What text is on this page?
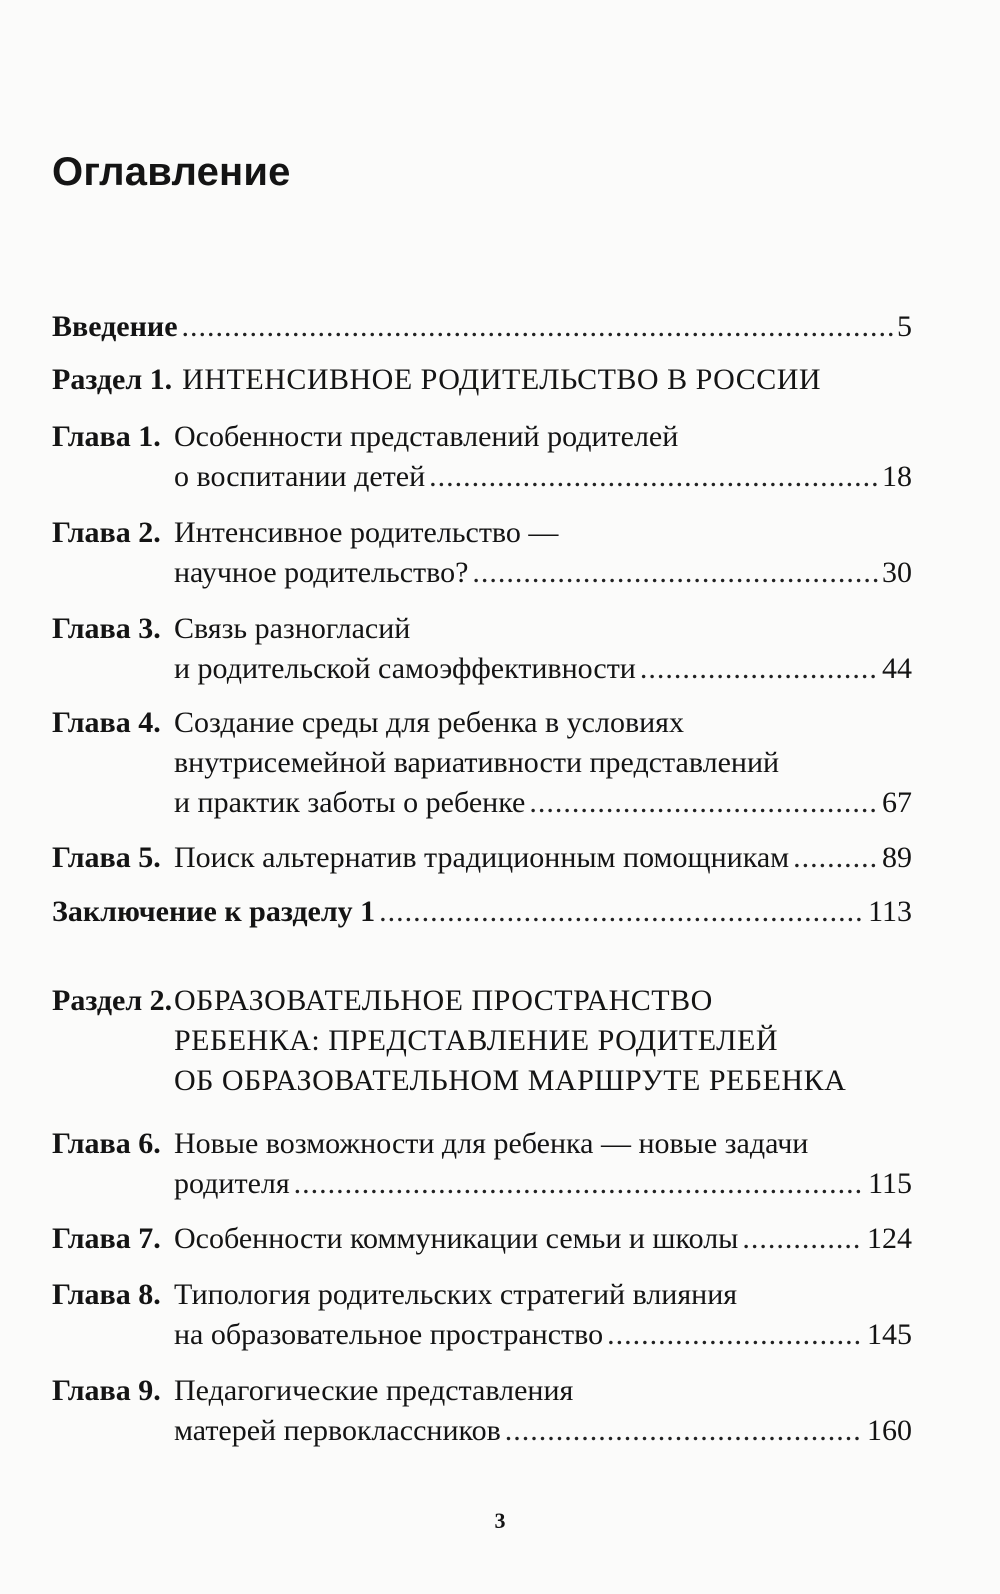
Оглавление
Введение .....	5
Раздел 1. ИНТЕНСИВНОЕ РОДИТЕЛЬСТВО В РОССИИ
Глава 1. Особенности представлений родителей
о воспитании детей .....	18
Глава 2. Интенсивное родительство —
научное родительство? .....	30
Глава 3. Связь разногласий
и родительской самоэффективности .....	44
Глава 4. Создание среды для ребенка в условиях
внутрисемейной вариативности представлений
и практик заботы о ребенке .....	67
Глава 5. Поиск альтернатив традиционным помощникам .....	89
Заключение к разделу 1 .....	113
Раздел 2. ОБРАЗОВАТЕЛЬНОЕ ПРОСТРАНСТВО
РЕБЕНКА: ПРЕДСТАВЛЕНИЕ РОДИТЕЛЕЙ
ОБ ОБРАЗОВАТЕЛЬНОМ МАРШРУТЕ РЕБЕНКА
Глава 6. Новые возможности для ребенка — новые задачи
родителя .....	115
Глава 7. Особенности коммуникации семьи и школы .....	124
Глава 8. Типология родительских стратегий влияния
на образовательное пространство .....	145
Глава 9. Педагогические представления
матерей первоклассников .....	160
3
